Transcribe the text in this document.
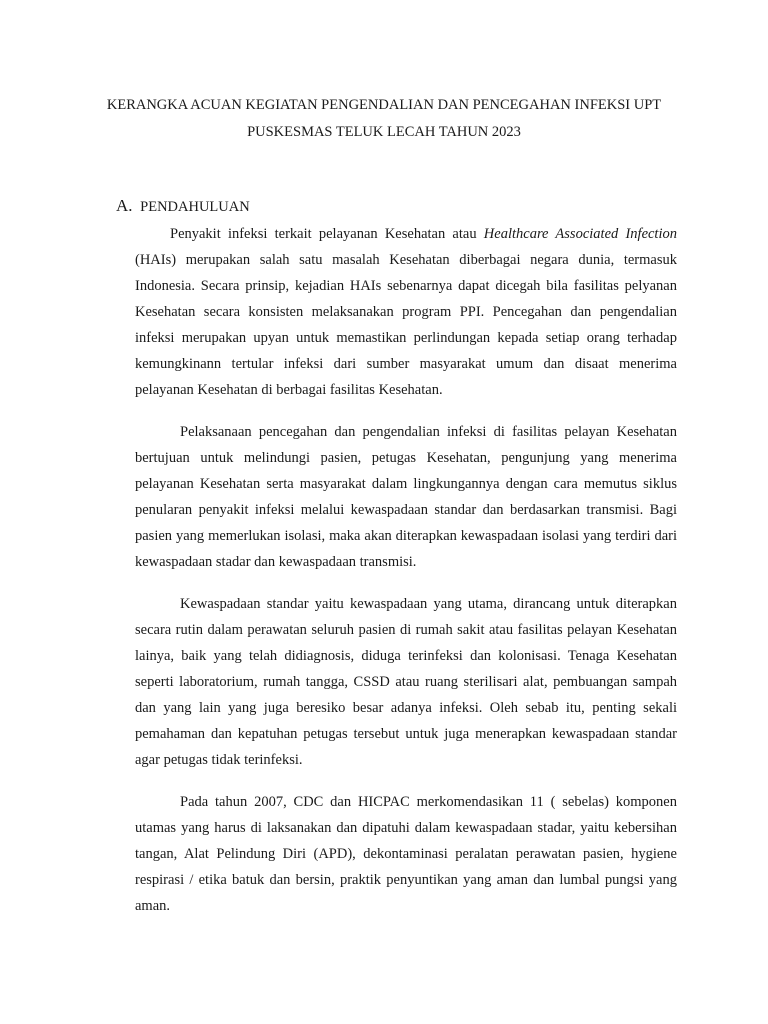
KERANGKA ACUAN KEGIATAN PENGENDALIAN DAN PENCEGAHAN INFEKSI UPT
PUSKESMAS TELUK LECAH TAHUN 2023
A. PENDAHULUAN

Penyakit infeksi terkait pelayanan Kesehatan atau Healthcare Associated Infection (HAIs) merupakan salah satu masalah Kesehatan diberbagai negara dunia, termasuk Indonesia. Secara prinsip, kejadian HAIs sebenarnya dapat dicegah bila fasilitas pelyanan Kesehatan secara konsisten melaksanakan program PPI. Pencegahan dan pengendalian infeksi merupakan upyan untuk memastikan perlindungan kepada setiap orang terhadap kemungkinann tertular infeksi dari sumber masyarakat umum dan disaat menerima pelayanan Kesehatan di berbagai fasilitas Kesehatan.

Pelaksanaan pencegahan dan pengendalian infeksi di fasilitas pelayan Kesehatan bertujuan untuk melindungi pasien, petugas Kesehatan, pengunjung yang menerima pelayanan Kesehatan serta masyarakat dalam lingkungannya dengan cara memutus siklus penularan penyakit infeksi melalui kewaspadaan standar dan berdasarkan transmisi. Bagi pasien yang memerlukan isolasi, maka akan diterapkan kewaspadaan isolasi yang terdiri dari kewaspadaan stadar dan kewaspadaan transmisi.

Kewaspadaan standar yaitu kewaspadaan yang utama, dirancang untuk diterapkan secara rutin dalam perawatan seluruh pasien di rumah sakit atau fasilitas pelayan Kesehatan lainya, baik yang telah didiagnosis, diduga terinfeksi dan kolonisasi. Tenaga Kesehatan seperti laboratorium, rumah tangga, CSSD atau ruang sterilisari alat, pembuangan sampah dan yang lain yang juga beresiko besar adanya infeksi. Oleh sebab itu, penting sekali pemahaman dan kepatuhan petugas tersebut untuk juga menerapkan kewaspadaan standar agar petugas tidak terinfeksi.

Pada tahun 2007, CDC dan HICPAC merkomendasikan 11 ( sebelas) komponen utamas yang harus di laksanakan dan dipatuhi dalam kewaspadaan stadar, yaitu kebersihan tangan, Alat Pelindung Diri (APD), dekontaminasi peralatan perawatan pasien, hygiene respirasi / etika batuk dan bersin, praktik penyuntikan yang aman dan lumbal pungsi yang aman.
